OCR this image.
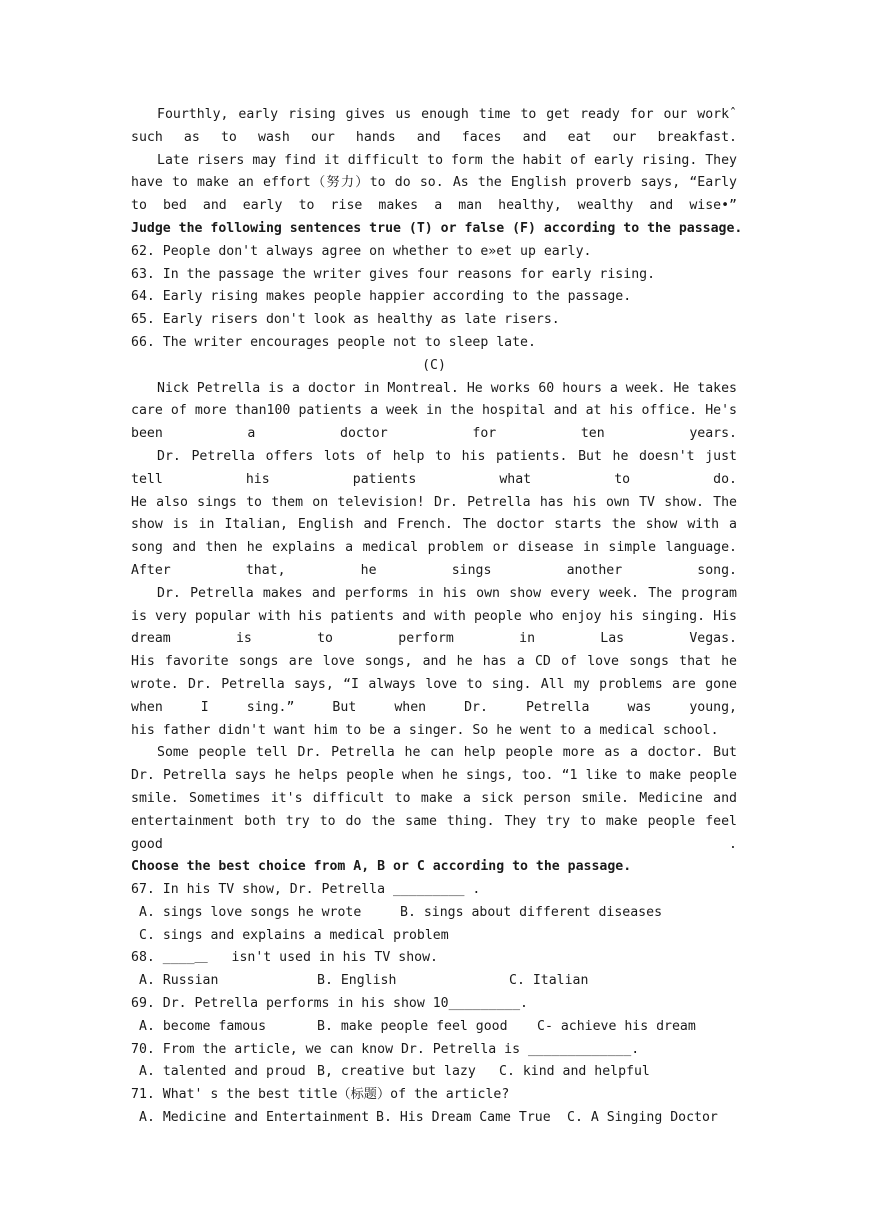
Fourthly, early rising gives us enough time to get ready for our workˆ such as to wash our hands and faces and eat our breakfast.
Late risers may find it difficult to form the habit of early rising. They have to make an effort（努力）to do so. As the English proverb says, “Early to bed and early to rise makes a man healthy, wealthy and wise•”
Judge the following sentences true (T) or false (F) according to the passage.
62. People don't always agree on whether to e»et up early.
63. In the passage the writer gives four reasons for early rising.
64. Early rising makes people happier according to the passage.
65. Early risers don't look as healthy as late risers.
66. The writer encourages people not to sleep late.
(C)
Nick Petrella is a doctor in Montreal. He works 60 hours a week. He takes care of more than100 patients a week in the hospital and at his office. He's been a doctor	for ten years.
Dr. Petrella offers lots of help to his patients. But he doesn't just tell his	patients what to do.
He also sings to them on television! Dr. Petrella has his own TV show. The show is in Italian, English and French. The doctor starts the show with a song and then he explains a medical problem or disease in simple language. After that, he sings	another song.
Dr. Petrella makes and performs in his own show every week. The program is very popular with his patients and with people who enjoy his singing. His dream is to	perform in Las Vegas.
His favorite songs are love songs, and he has a CD of love songs that he wrote. Dr. Petrella says, “I always love to sing. All my problems are gone when I sing.” But	when Dr. Petrella was young,
his father didn't want him to be a singer. So he went to a medical school.
Some people tell Dr. Petrella he can help people more as a doctor. But Dr. Petrella says he helps people when he sings, too. “1 like to make people smile. Sometimes it's difficult to make a sick person smile. Medicine and entertainment both try to do the same thing. They try to make people feel good .
Choose the best choice from A, B or C according to the passage.
67. In his TV show, Dr. Petrella _________ .
A. sings love songs he wrote	B. sings about different diseases
C. sings and explains a medical problem
68. ____＿   isn't used in his TV show.
A. Russian	B. English	C. Italian
69. Dr. Petrella performs in his show 10_________.
A. become famous	B. make people feel good C- achieve his dream
70. From the article, we can know Dr. Petrella is _____________.
A. talented and proud B, creative but lazy C. kind and helpful
71. What' s the best title（标题）of the article?
A. Medicine and Entertainment B. His Dream Came True C. A Singing Doctor
